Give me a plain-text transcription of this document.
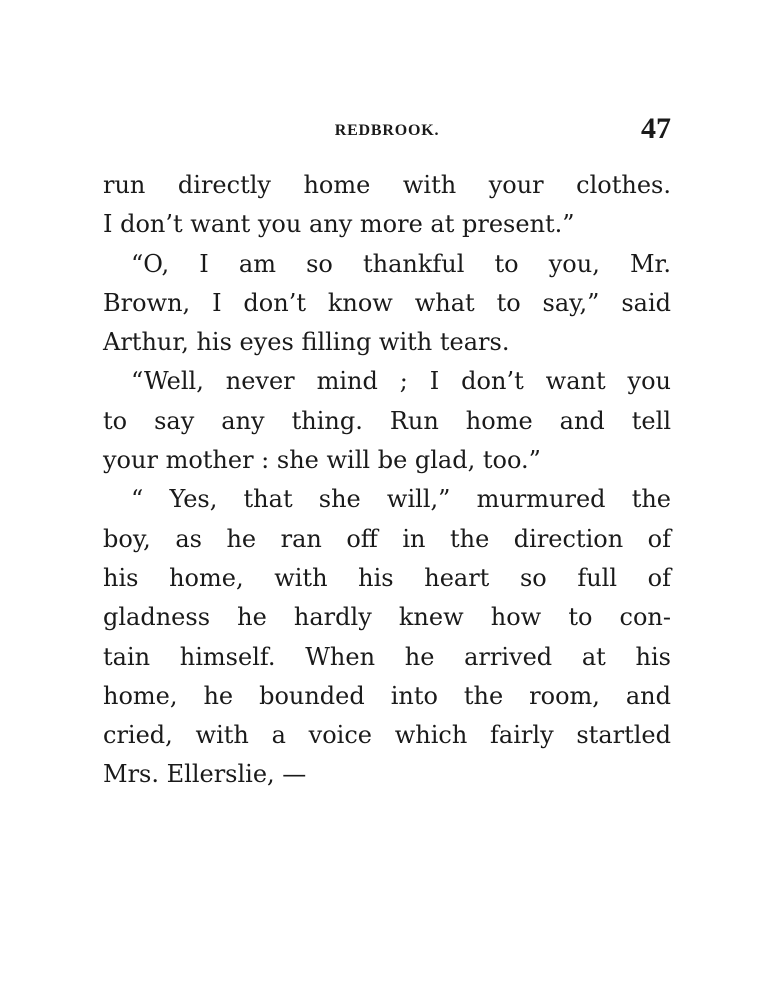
REDBROOK.	47
run directly home with your clothes.
I don’t want you any more at present.”
“O, I am so thankful to you, Mr.
Brown, I don’t know what to say,” said
Arthur, his eyes filling with tears.
“Well, never mind ; I don’t want you
to say any thing. Run home and tell
your mother : she will be glad, too.”
“ Yes, that she will,” murmured the
boy, as he ran off in the direction of
his home, with his heart so full of
gladness he hardly knew how to con-
tain himself. When he arrived at his
home, he bounded into the room, and
cried, with a voice which fairly startled
Mrs. Ellerslie, —
